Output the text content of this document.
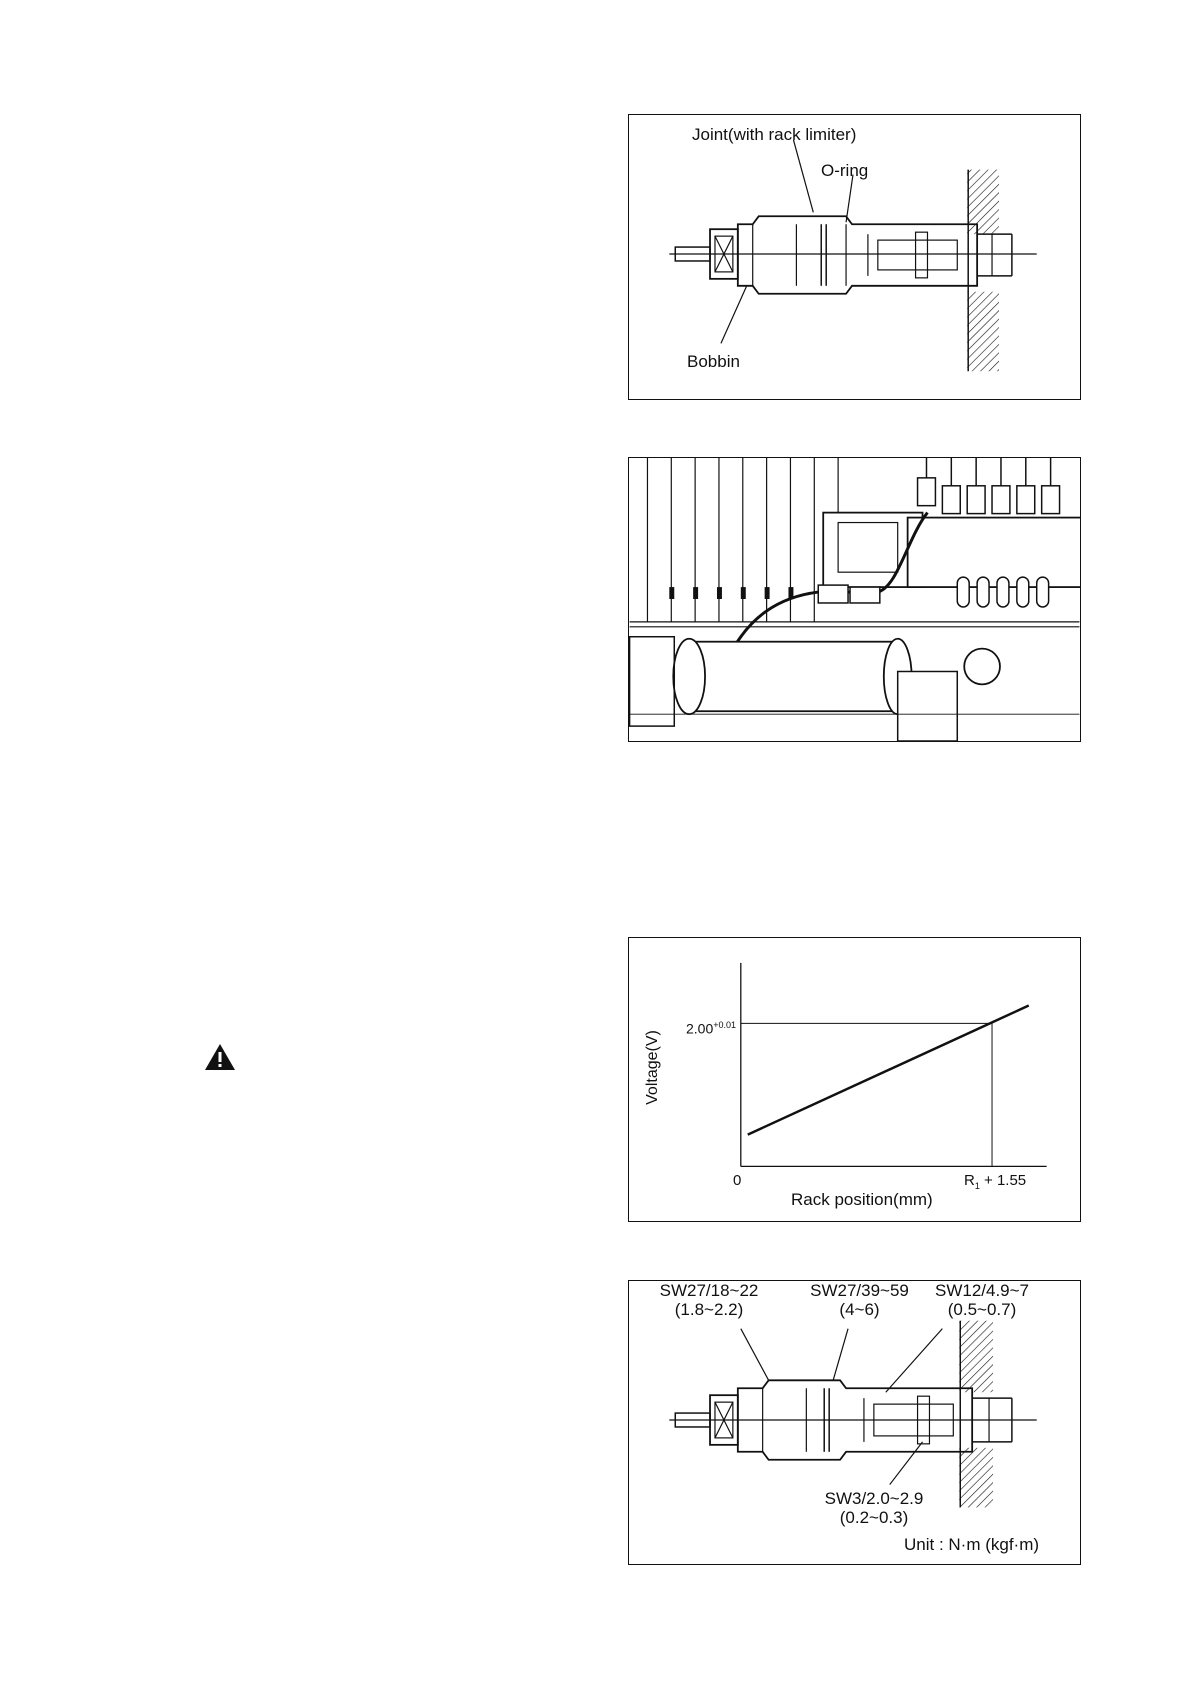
Joint(with rack limiter)
O-ring
Bobbin
Voltage(V)
$2.00^{+0.01}$
0	$R_1 + 1.55$
Rack position(mm)
SW27/18~22
(1.8~2.2)
SW27/39~59
(4~6)
SW12/4.9~7
(0.5~0.7)
SW3/2.0~2.9
(0.2~0.3)
Unit : N·m (kgf·m)
